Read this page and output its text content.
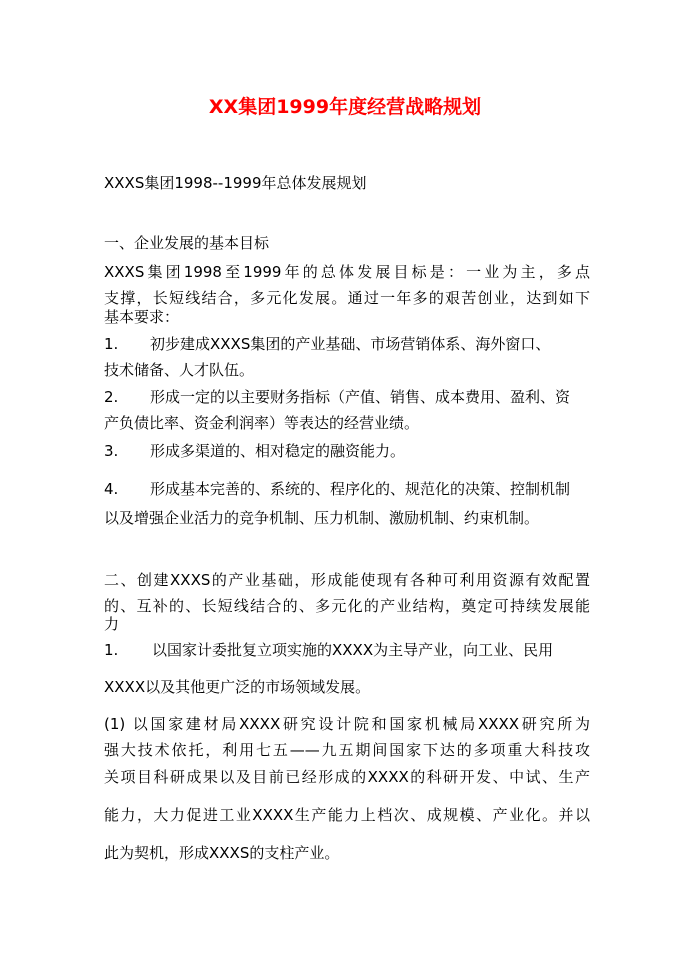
XX集团1999年度经营战略规划

XXXS集团1998--1999年总体发展规划

一、企业发展的基本目标

XXXS集团1998至1999年的总体发展目标是：一业为主，多点

支撑，长短线结合，多元化发展。通过一年多的艰苦创业，达到如下

基本要求：

1. 初步建成XXXS集团的产业基础、市场营销体系、海外窗口、

技术储备、人才队伍。

2. 形成一定的以主要财务指标（产值、销售、成本费用、盈利、资

产负债比率、资金利润率）等表达的经营业绩。

3. 形成多渠道的、相对稳定的融资能力。

4. 形成基本完善的、系统的、程序化的、规范化的决策、控制机制

以及增强企业活力的竞争机制、压力机制、激励机制、约束机制。

二、创建XXXS的产业基础，形成能使现有各种可利用资源有效配置

的、互补的、长短线结合的、多元化的产业结构，奠定可持续发展能

力

1. 以国家计委批复立项实施的XXXX为主导产业，向工业、民用

XXXX以及其他更广泛的市场领域发展。

(1) 以国家建材局XXXX研究设计院和国家机械局XXXX研究所为

强大技术依托，利用七五——九五期间国家下达的多项重大科技攻

关项目科研成果以及目前已经形成的XXXX的科研开发、中试、生产

能力，大力促进工业XXXX生产能力上档次、成规模、产业化。并以

此为契机，形成XXXS的支柱产业。
